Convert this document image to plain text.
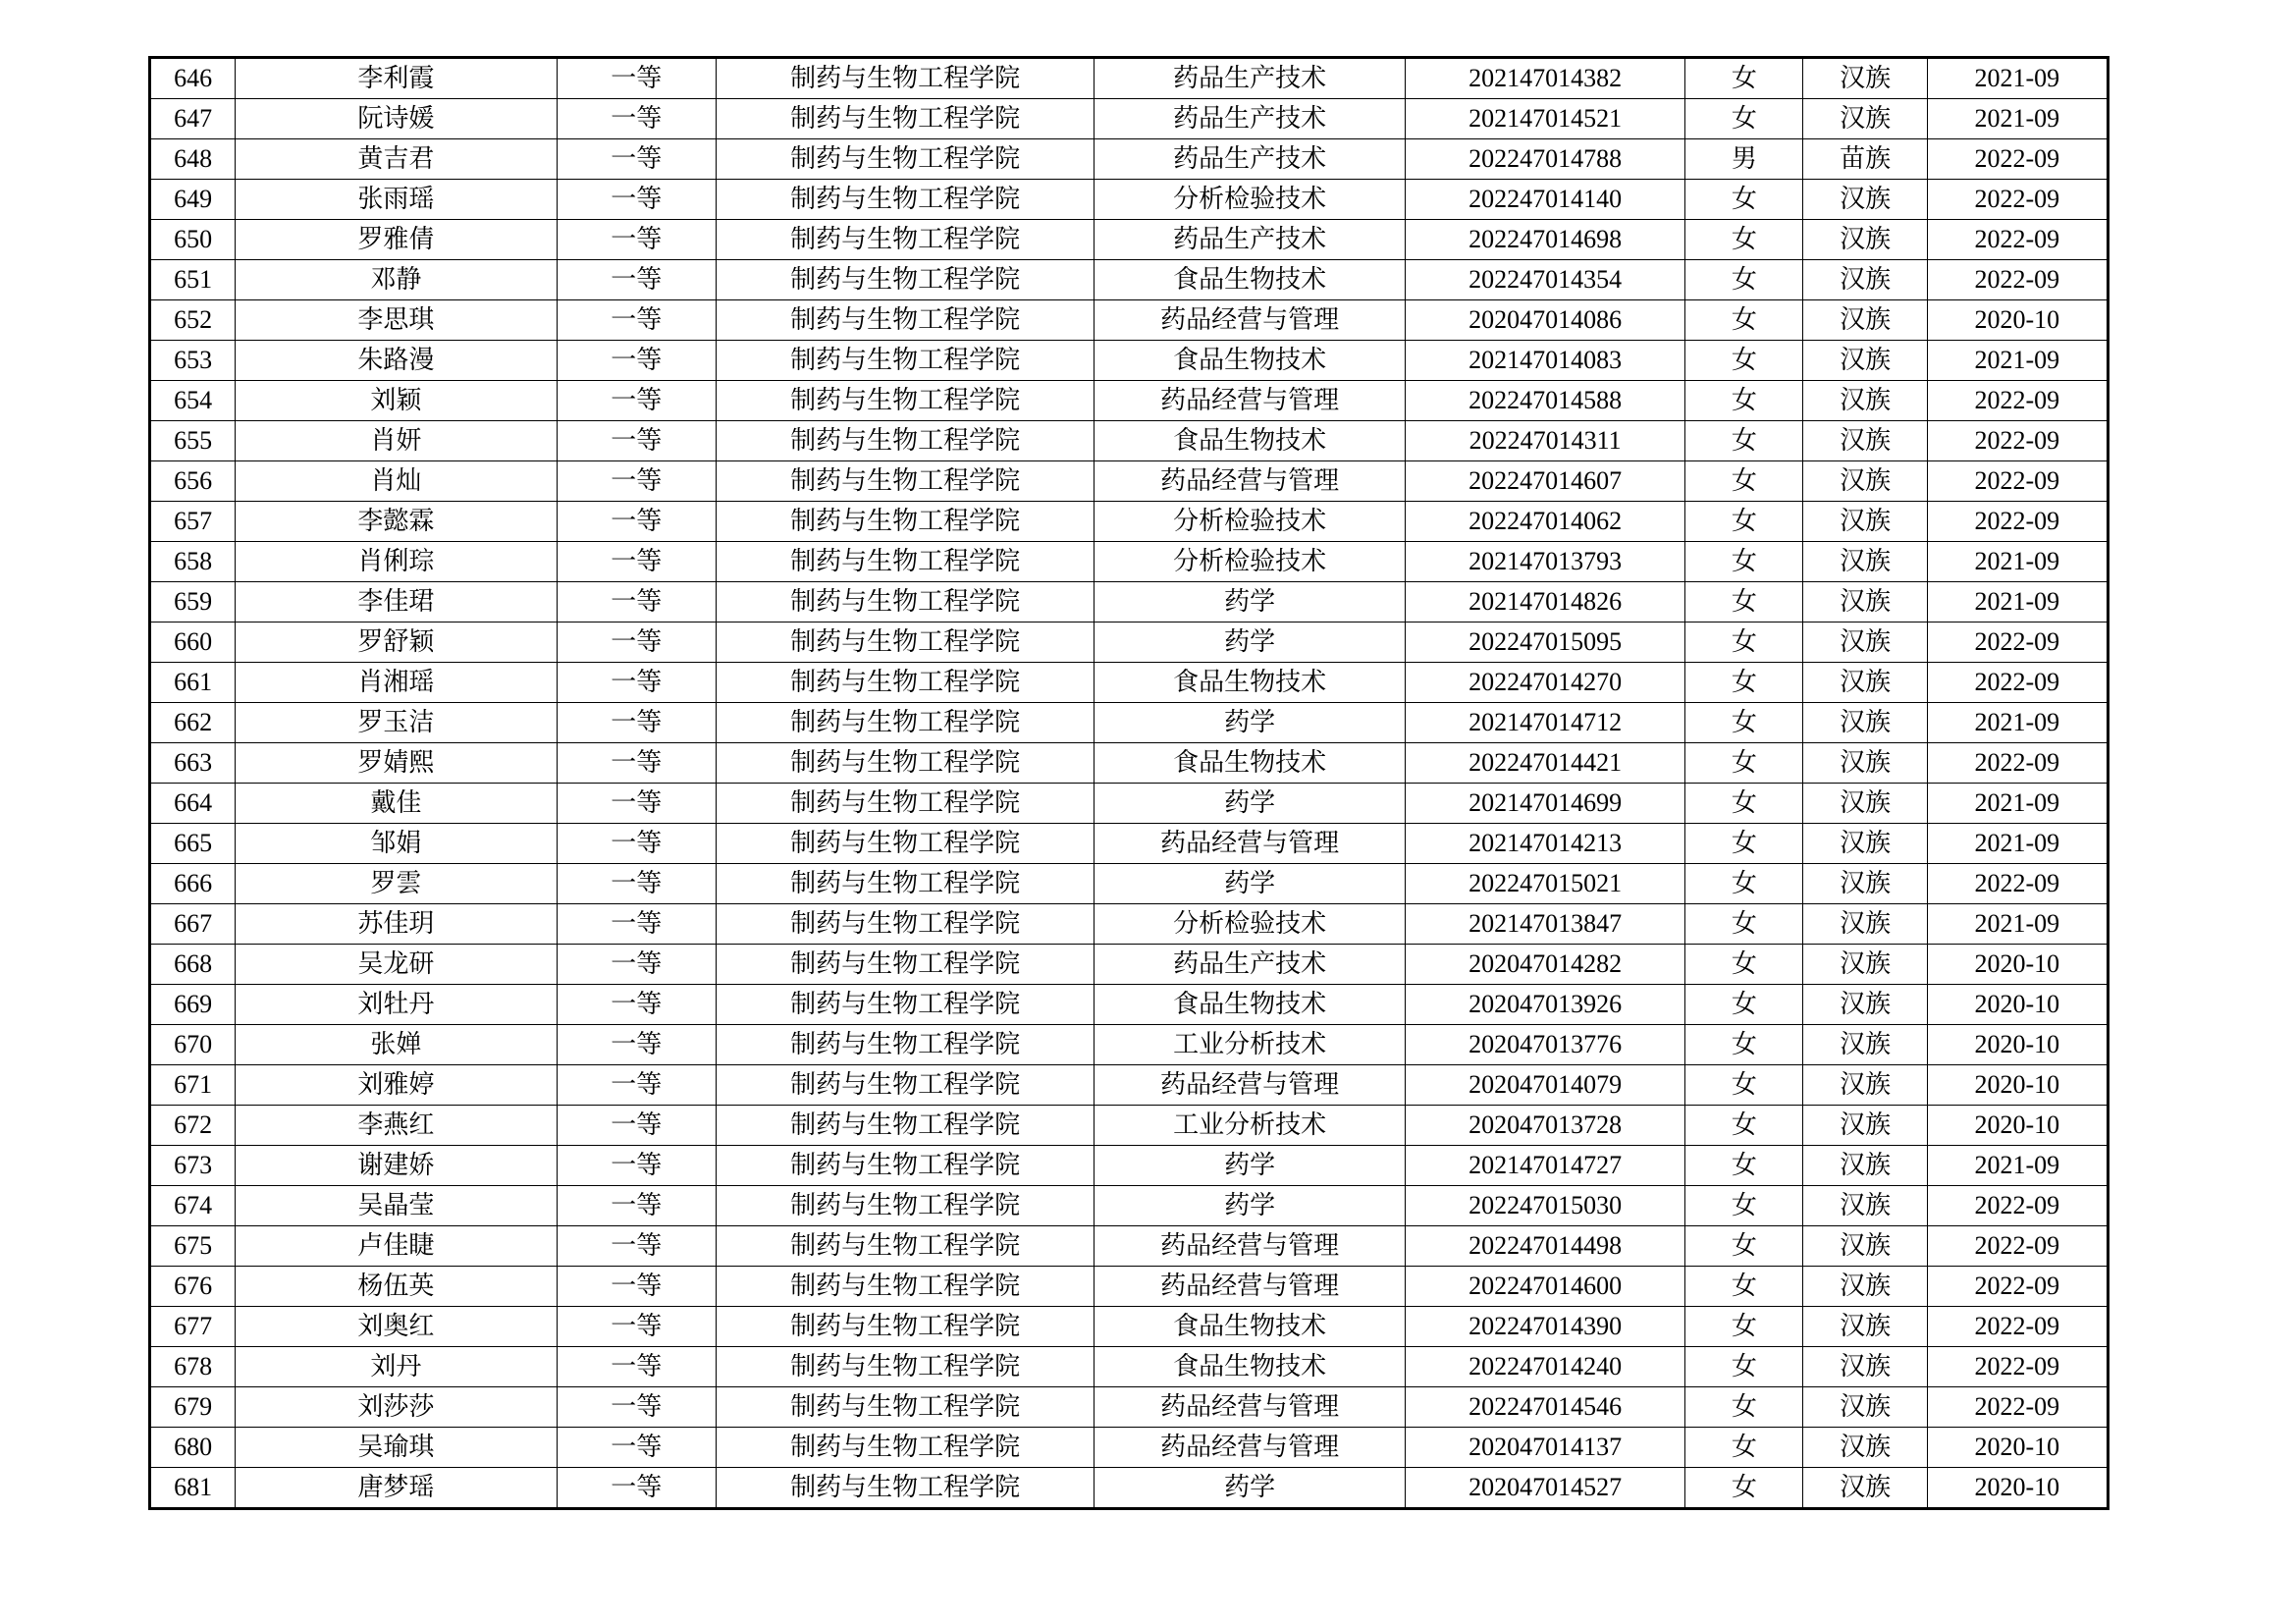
646	李利霞	一等	制药与生物工程学院	药品生产技术	202147014382	女	汉族	2021-09
647	阮诗媛	一等	制药与生物工程学院	药品生产技术	202147014521	女	汉族	2021-09
648	黄吉君	一等	制药与生物工程学院	药品生产技术	202247014788	男	苗族	2022-09
649	张雨瑶	一等	制药与生物工程学院	分析检验技术	202247014140	女	汉族	2022-09
650	罗雅倩	一等	制药与生物工程学院	药品生产技术	202247014698	女	汉族	2022-09
651	邓静	一等	制药与生物工程学院	食品生物技术	202247014354	女	汉族	2022-09
652	李思琪	一等	制药与生物工程学院	药品经营与管理	202047014086	女	汉族	2020-10
653	朱路漫	一等	制药与生物工程学院	食品生物技术	202147014083	女	汉族	2021-09
654	刘颖	一等	制药与生物工程学院	药品经营与管理	202247014588	女	汉族	2022-09
655	肖妍	一等	制药与生物工程学院	食品生物技术	202247014311	女	汉族	2022-09
656	肖灿	一等	制药与生物工程学院	药品经营与管理	202247014607	女	汉族	2022-09
657	李懿霖	一等	制药与生物工程学院	分析检验技术	202247014062	女	汉族	2022-09
658	肖俐琮	一等	制药与生物工程学院	分析检验技术	202147013793	女	汉族	2021-09
659	李佳珺	一等	制药与生物工程学院	药学	202147014826	女	汉族	2021-09
660	罗舒颖	一等	制药与生物工程学院	药学	202247015095	女	汉族	2022-09
661	肖湘瑶	一等	制药与生物工程学院	食品生物技术	202247014270	女	汉族	2022-09
662	罗玉洁	一等	制药与生物工程学院	药学	202147014712	女	汉族	2021-09
663	罗婧熙	一等	制药与生物工程学院	食品生物技术	202247014421	女	汉族	2022-09
664	戴佳	一等	制药与生物工程学院	药学	202147014699	女	汉族	2021-09
665	邹娟	一等	制药与生物工程学院	药品经营与管理	202147014213	女	汉族	2021-09
666	罗雲	一等	制药与生物工程学院	药学	202247015021	女	汉族	2022-09
667	苏佳玥	一等	制药与生物工程学院	分析检验技术	202147013847	女	汉族	2021-09
668	吴龙研	一等	制药与生物工程学院	药品生产技术	202047014282	女	汉族	2020-10
669	刘牡丹	一等	制药与生物工程学院	食品生物技术	202047013926	女	汉族	2020-10
670	张婵	一等	制药与生物工程学院	工业分析技术	202047013776	女	汉族	2020-10
671	刘雅婷	一等	制药与生物工程学院	药品经营与管理	202047014079	女	汉族	2020-10
672	李燕红	一等	制药与生物工程学院	工业分析技术	202047013728	女	汉族	2020-10
673	谢建娇	一等	制药与生物工程学院	药学	202147014727	女	汉族	2021-09
674	吴晶莹	一等	制药与生物工程学院	药学	202247015030	女	汉族	2022-09
675	卢佳睫	一等	制药与生物工程学院	药品经营与管理	202247014498	女	汉族	2022-09
676	杨伍英	一等	制药与生物工程学院	药品经营与管理	202247014600	女	汉族	2022-09
677	刘奥红	一等	制药与生物工程学院	食品生物技术	202247014390	女	汉族	2022-09
678	刘丹	一等	制药与生物工程学院	食品生物技术	202247014240	女	汉族	2022-09
679	刘莎莎	一等	制药与生物工程学院	药品经营与管理	202247014546	女	汉族	2022-09
680	吴瑜琪	一等	制药与生物工程学院	药品经营与管理	202047014137	女	汉族	2020-10
681	唐梦瑶	一等	制药与生物工程学院	药学	202047014527	女	汉族	2020-10
